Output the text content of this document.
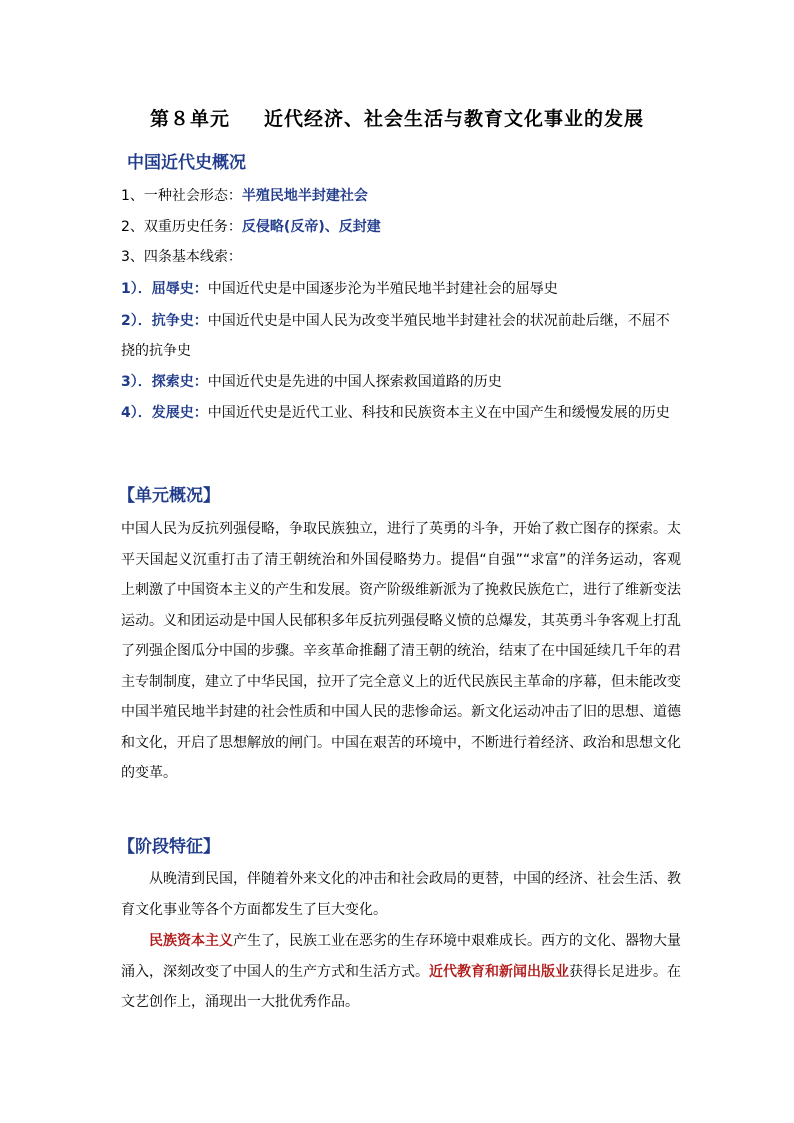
第８单元 近代经济、社会生活与教育文化事业的发展
中国近代史概况
1、一种社会形态：半殖民地半封建社会
2、双重历史任务：反侵略(反帝)、反封建
3、四条基本线索：
1）．屈辱史：中国近代史是中国逐步沦为半殖民地半封建社会的屈辱史
2）．抗争史：中国近代史是中国人民为改变半殖民地半封建社会的状况前赴后继，不屈不
挠的抗争史
3）．探索史：中国近代史是先进的中国人探索救国道路的历史
4）．发展史：中国近代史是近代工业、科技和民族资本主义在中国产生和缓慢发展的历史
【单元概况】
中国人民为反抗列强侵略，争取民族独立，进行了英勇的斗争，开始了救亡图存的探索。太平天国起义沉重打击了清王朝统治和外国侵略势力。提倡“自强”“求富”的洋务运动，客观上刺激了中国资本主义的产生和发展。资产阶级维新派为了挽救民族危亡，进行了维新变法运动。义和团运动是中国人民郁积多年反抗列强侵略义愤的总爆发，其英勇斗争客观上打乱了列强企图瓜分中国的步骤。辛亥革命推翻了清王朝的统治，结束了在中国延续几千年的君主专制制度，建立了中华民国，拉开了完全意义上的近代民族民主革命的序幕，但未能改变中国半殖民地半封建的社会性质和中国人民的悲惨命运。新文化运动冲击了旧的思想、道德和文化，开启了思想解放的闸门。中国在艰苦的环境中，不断进行着经济、政治和思想文化的变革。
【阶段特征】
从晚清到民国，伴随着外来文化的冲击和社会政局的更替，中国的经济、社会生活、教育文化事业等各个方面都发生了巨大变化。
民族资本主义产生了，民族工业在恶劣的生存环境中艰难成长。西方的文化、器物大量涌入，深刻改变了中国人的生产方式和生活方式。近代教育和新闻出版业获得长足进步。在文艺创作上，涌现出一大批优秀作品。
